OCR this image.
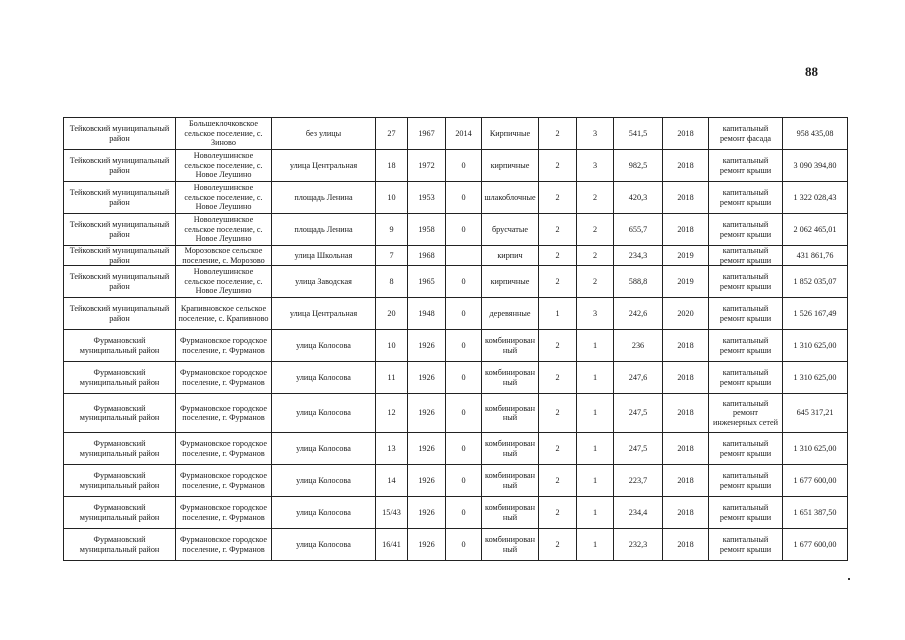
88
Тейковский муниципальный район	Большеклочковское сельское поселение, с. Зиновo	без улицы	27	1967	2014	Кирпичные	2	3	541,5	2018	капитальный ремонт фасада	958 435,08
Тейковский муниципальный район	Новолеушинское сельское поселение, с. Новое Леушино	улица Центральная	18	1972	0	кирпичные	2	3	982,5	2018	капитальный ремонт крыши	3 090 394,80
Тейковский муниципальный район	Новолеушинское сельское поселение, с. Новое Леушино	площадь Ленина	10	1953	0	шлакоблочные	2	2	420,3	2018	капитальный ремонт крыши	1 322 028,43
Тейковский муниципальный район	Новолеушинское сельское поселение, с. Новое Леушино	площадь Ленина	9	1958	0	брусчатые	2	2	655,7	2018	капитальный ремонт крыши	2 062 465,01
Тейковский муниципальный район	Морозовское сельское поселение, с. Морозово	улица Школьная	7	1968		кирпич	2	2	234,3	2019	капитальный ремонт крыши	431 861,76
Тейковский муниципальный район	Новолеушинское сельское поселение, с. Новое Леушино	улица Заводская	8	1965	0	кирпичные	2	2	588,8	2019	капитальный ремонт крыши	1 852 035,07
Тейковский муниципальный район	Крапивновское сельское поселение, с. Крапивново	улица Центральная	20	1948	0	деревянные	1	3	242,6	2020	капитальный ремонт крыши	1 526 167,49
Фурмановский муниципальный район	Фурмановское городское поселение, г. Фурманов	улица Колосова	10	1926	0	комбинированный	2	1	236	2018	капитальный ремонт крыши	1 310 625,00
Фурмановский муниципальный район	Фурмановское городское поселение, г. Фурманов	улица Колосова	11	1926	0	комбинированный	2	1	247,6	2018	капитальный ремонт крыши	1 310 625,00
Фурмановский муниципальный район	Фурмановское городское поселение, г. Фурманов	улица Колосова	12	1926	0	комбинированный	2	1	247,5	2018	капитальный ремонт инженерных сетей	645 317,21
Фурмановский муниципальный район	Фурмановское городское поселение, г. Фурманов	улица Колосова	13	1926	0	комбинированный	2	1	247,5	2018	капитальный ремонт крыши	1 310 625,00
Фурмановский муниципальный район	Фурмановское городское поселение, г. Фурманов	улица Колосова	14	1926	0	комбинированный	2	1	223,7	2018	капитальный ремонт крыши	1 677 600,00
Фурмановский муниципальный район	Фурмановское городское поселение, г. Фурманов	улица Колосова	15/43	1926	0	комбинированный	2	1	234,4	2018	капитальный ремонт крыши	1 651 387,50
Фурмановский муниципальный район	Фурмановское городское поселение, г. Фурманов	улица Колосова	16/41	1926	0	комбинированный	2	1	232,3	2018	капитальный ремонт крыши	1 677 600,00
